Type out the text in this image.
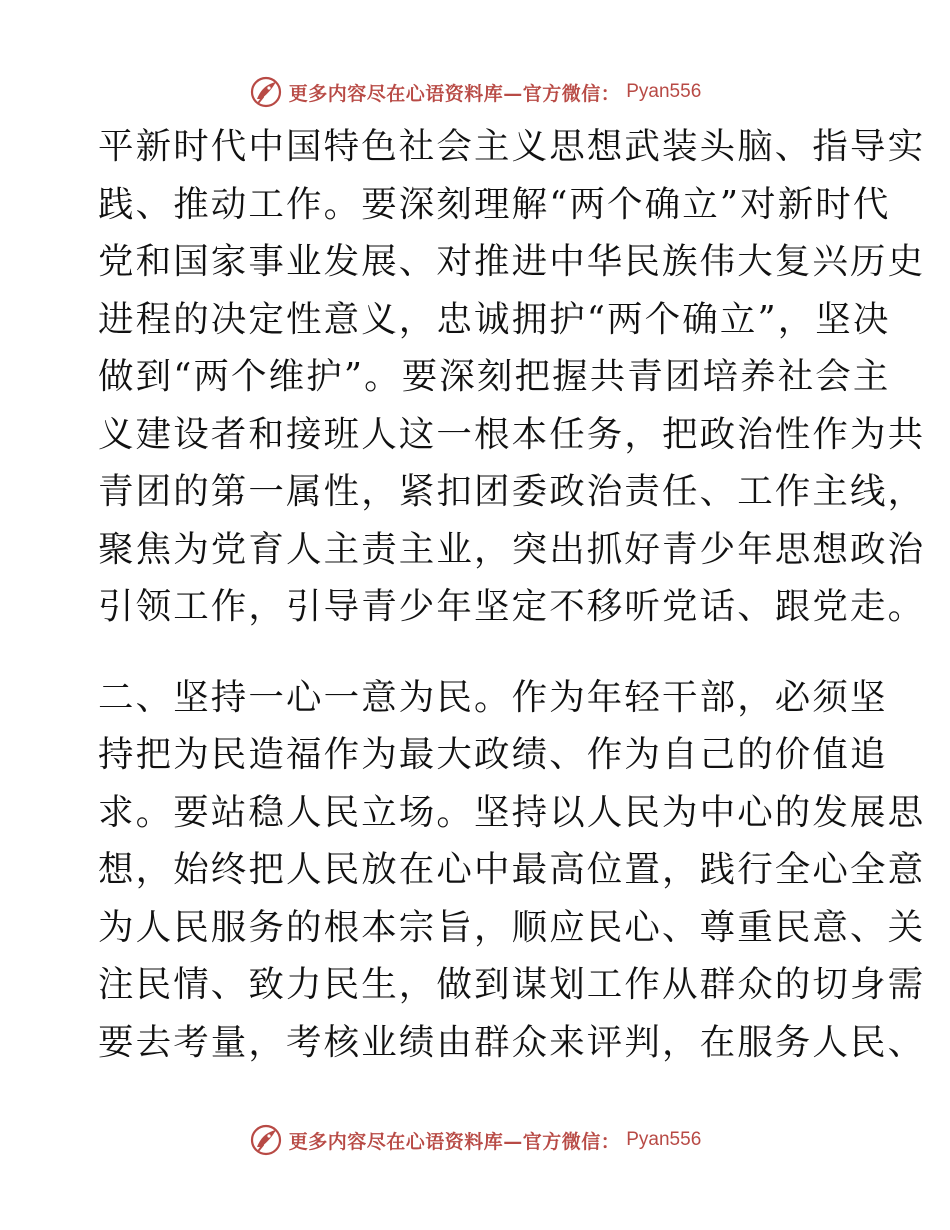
更多内容尽在心语资料库—官方微信： Pyan556
平新时代中国特色社会主义思想武装头脑、指导实
践、推动工作。要深刻理解“两个确立”对新时代
党和国家事业发展、对推进中华民族伟大复兴历史
进程的决定性意义，忠诚拥护“两个确立”，坚决
做到“两个维护”。要深刻把握共青团培养社会主
义建设者和接班人这一根本任务，把政治性作为共
青团的第一属性，紧扣团委政治责任、工作主线，
聚焦为党育人主责主业，突出抓好青少年思想政治
引领工作，引导青少年坚定不移听党话、跟党走。
二、坚持一心一意为民。作为年轻干部，必须坚
持把为民造福作为最大政绩、作为自己的价值追
求。要站稳人民立场。坚持以人民为中心的发展思
想，始终把人民放在心中最高位置，践行全心全意
为人民服务的根本宗旨，顺应民心、尊重民意、关
注民情、致力民生，做到谋划工作从群众的切身需
要去考量，考核业绩由群众来评判，在服务人民、
更多内容尽在心语资料库—官方微信： Pyan556
